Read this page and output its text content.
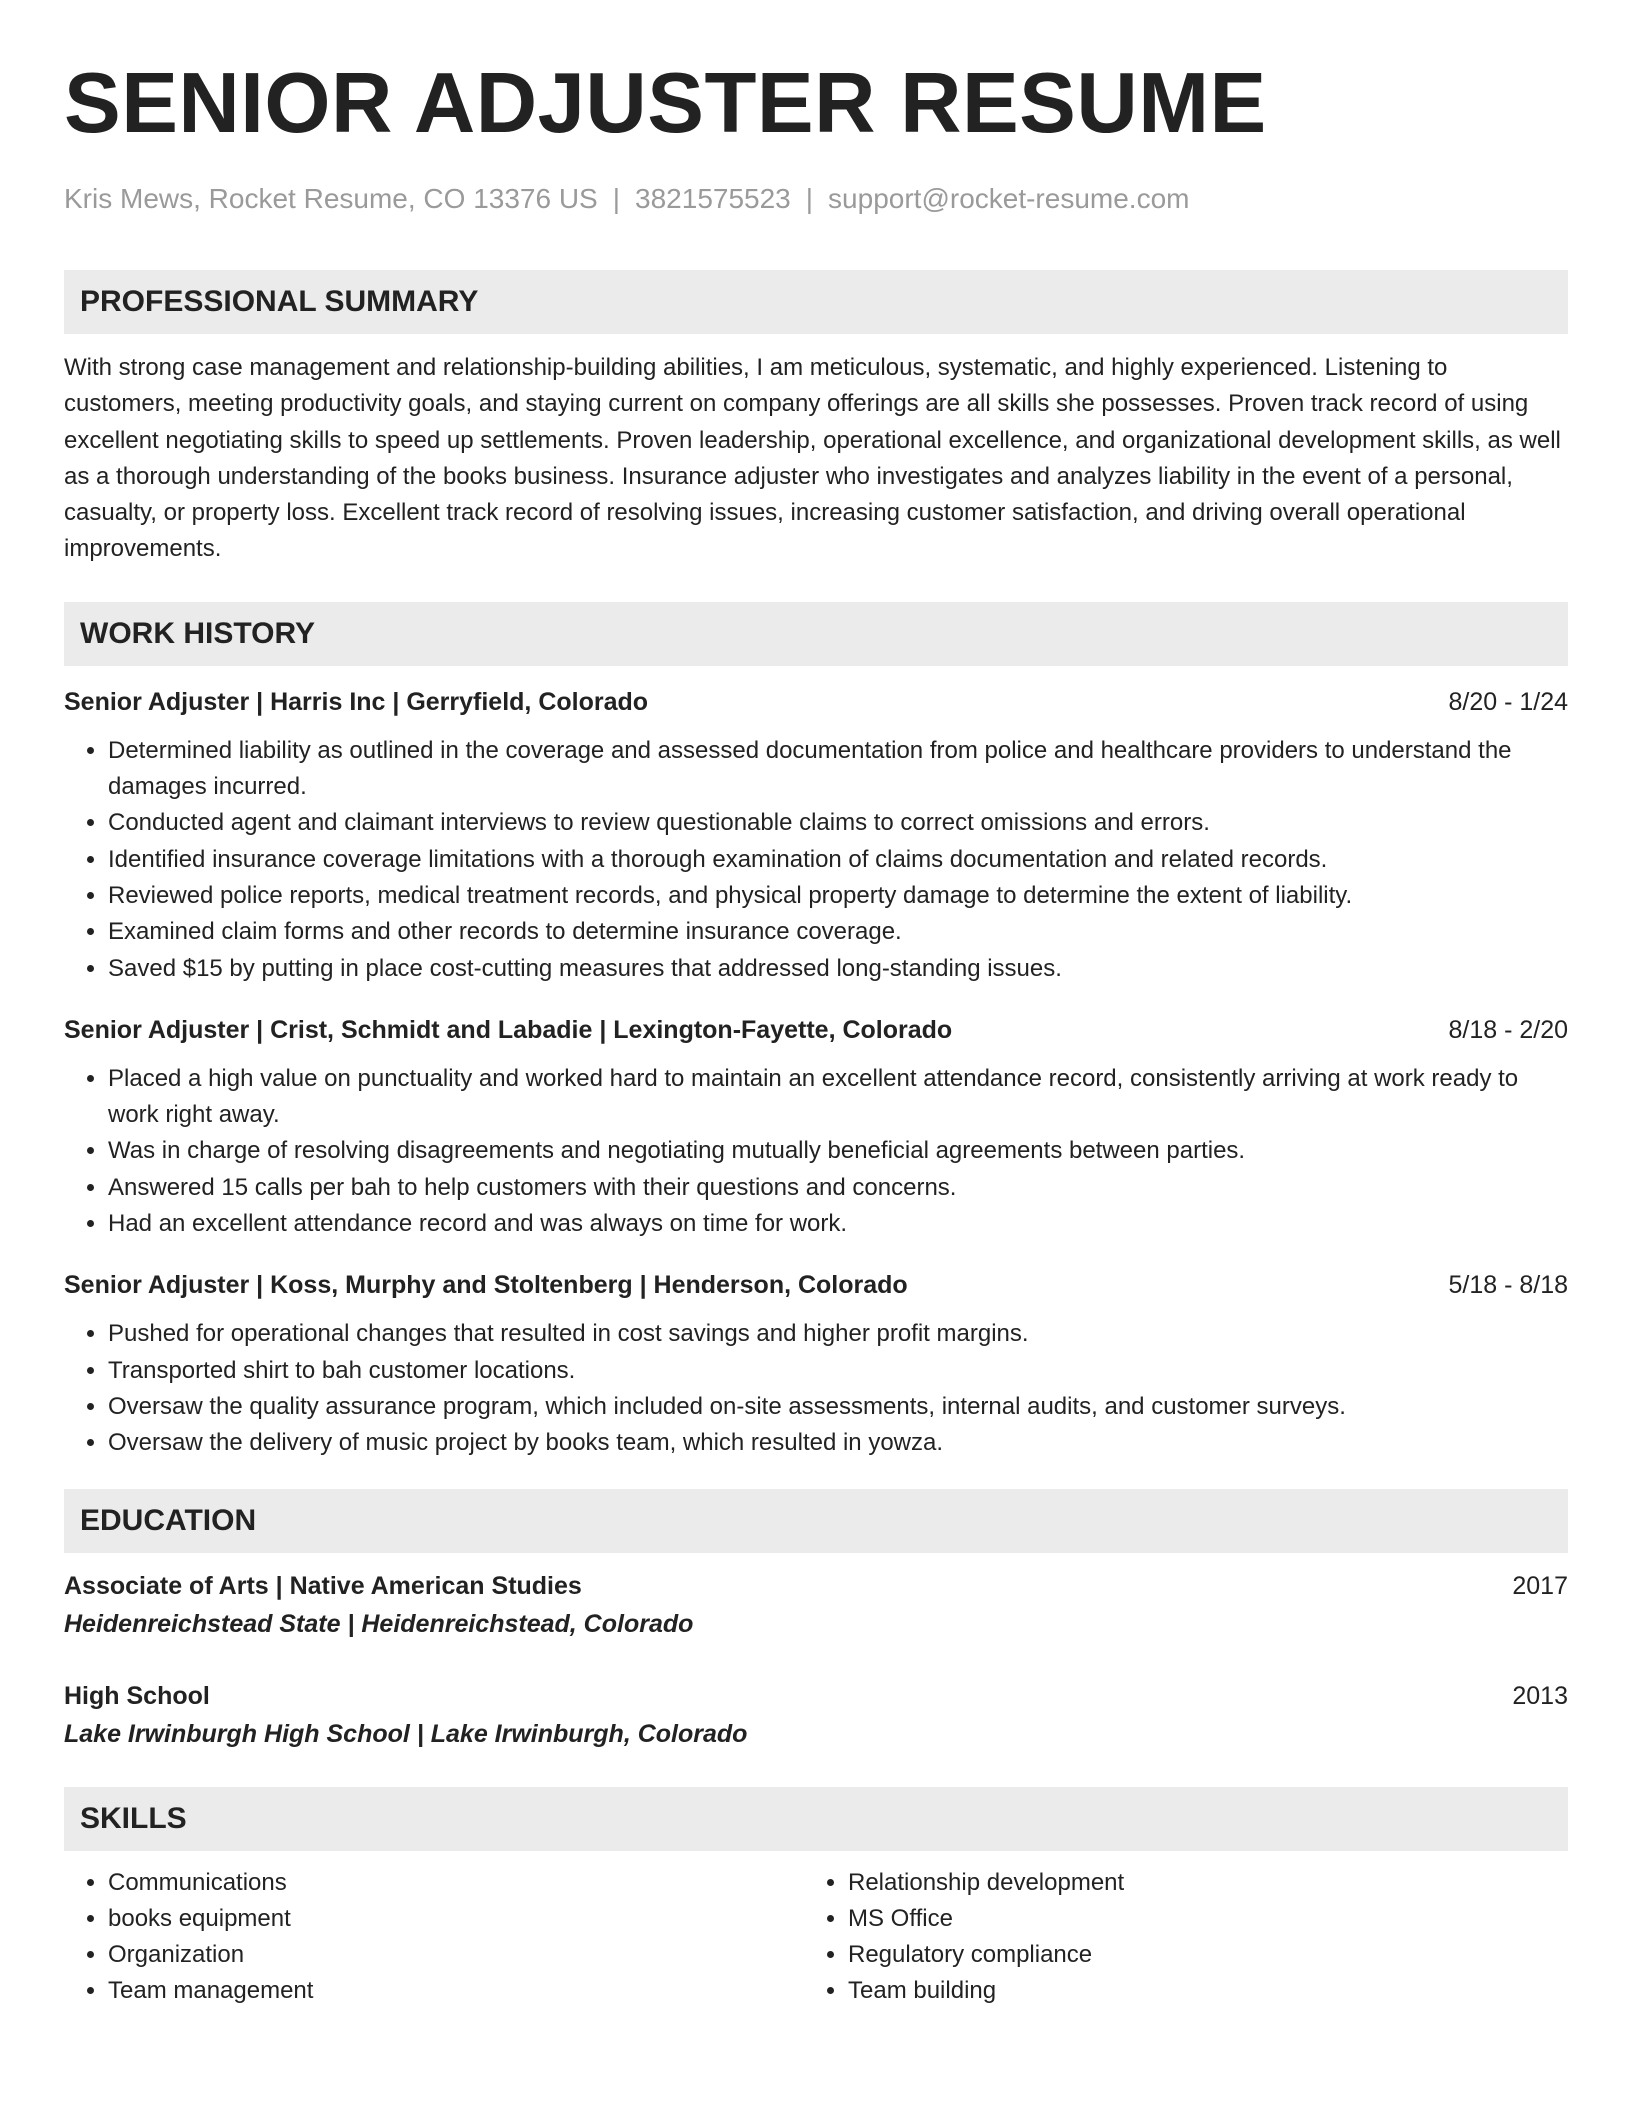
SENIOR ADJUSTER RESUME
Kris Mews, Rocket Resume, CO 13376 US | 3821575523 | support@rocket-resume.com
PROFESSIONAL SUMMARY
With strong case management and relationship-building abilities, I am meticulous, systematic, and highly experienced. Listening to customers, meeting productivity goals, and staying current on company offerings are all skills she possesses. Proven track record of using excellent negotiating skills to speed up settlements. Proven leadership, operational excellence, and organizational development skills, as well as a thorough understanding of the books business. Insurance adjuster who investigates and analyzes liability in the event of a personal, casualty, or property loss. Excellent track record of resolving issues, increasing customer satisfaction, and driving overall operational improvements.
WORK HISTORY
Senior Adjuster | Harris Inc | Gerryfield, Colorado	8/20 - 1/24
• Determined liability as outlined in the coverage and assessed documentation from police and healthcare providers to understand the damages incurred.
• Conducted agent and claimant interviews to review questionable claims to correct omissions and errors.
• Identified insurance coverage limitations with a thorough examination of claims documentation and related records.
• Reviewed police reports, medical treatment records, and physical property damage to determine the extent of liability.
• Examined claim forms and other records to determine insurance coverage.
• Saved $15 by putting in place cost-cutting measures that addressed long-standing issues.
Senior Adjuster | Crist, Schmidt and Labadie | Lexington-Fayette, Colorado	8/18 - 2/20
• Placed a high value on punctuality and worked hard to maintain an excellent attendance record, consistently arriving at work ready to work right away.
• Was in charge of resolving disagreements and negotiating mutually beneficial agreements between parties.
• Answered 15 calls per bah to help customers with their questions and concerns.
• Had an excellent attendance record and was always on time for work.
Senior Adjuster | Koss, Murphy and Stoltenberg | Henderson, Colorado	5/18 - 8/18
• Pushed for operational changes that resulted in cost savings and higher profit margins.
• Transported shirt to bah customer locations.
• Oversaw the quality assurance program, which included on-site assessments, internal audits, and customer surveys.
• Oversaw the delivery of music project by books team, which resulted in yowza.
EDUCATION
Associate of Arts | Native American Studies	2017
Heidenreichstead State | Heidenreichstead, Colorado
High School	2013
Lake Irwinburgh High School | Lake Irwinburgh, Colorado
SKILLS
• Communications
• books equipment
• Organization
• Team management
• Relationship development
• MS Office
• Regulatory compliance
• Team building
